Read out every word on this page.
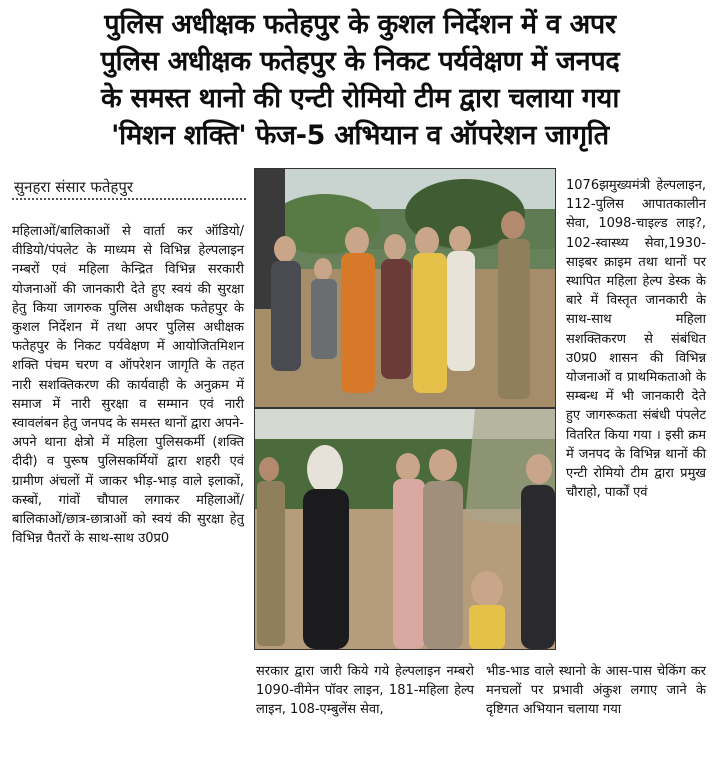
पुलिस अधीक्षक फतेहपुर के कुशल निर्देशन में व अपर
पुलिस अधीक्षक फतेहपुर के निकट पर्यवेक्षण में जनपद
के समस्त थानो की एन्टी रोमियो टीम द्वारा चलाया गया
'मिशन शक्ति' फेज-5 अभियान व ऑपरेशन जागृति
सुनहरा संसार फतेहपुर
महिलाओं/बालिकाओं से वार्ता कर ऑडियो/वीडियो/पंपलेट के माध्यम से विभिन्न हेल्पलाइन नम्बरों एवं महिला केन्द्रित विभिन्न सरकारी योजनाओं की जानकारी देते हुए स्वयं की सुरक्षा हेतु किया जागरुक पुलिस अधीक्षक फतेहपुर के कुशल निर्देशन में तथा अपर पुलिस अधीक्षक फतेहपुर के निकट पर्यवेक्षण में आयोजितमिशन शक्ति पंचम चरण व ऑपरेशन जागृति के तहत नारी सशक्तिकरण की कार्यवाही के अनुक्रम में समाज में नारी सुरक्षा व सम्मान एवं नारी स्वावलंबन हेतु जनपद के समस्त थानों द्वारा अपने-अपने थाना क्षेत्रो में महिला पुलिसकर्मी (शक्ति दीदी) व पुरूष पुलिसकर्मियों द्वारा शहरी एवं ग्रामीण अंचलों में जाकर भीड़-भाड़ वाले इलाकों, कस्बों, गांवों चौपाल लगाकर महिलाओं/बालिकाओं/छात्र-छात्राओं को स्वयं की सुरक्षा हेतु विभिन्न पैतरों के साथ-साथ उ0प्र0
1076झमुख्यमंत्री हेल्पलाइन, 112-पुलिस आपातकालीन सेवा, 1098-चाइल्ड लाइ?, 102-स्वास्थ्य सेवा,1930- साइबर क्राइम तथा थानों पर स्थापित महिला हेल्प डेस्क के बारे में विस्तृत जानकारी के साथ-साथ महिला सशक्तिकरण से संबंधित उ0प्र0 शासन की विभिन्न योजनाओं व प्राथमिकताओ के सम्बन्ध में भी जानकारी देते हुए जागरूकता संबंधी पंपलेट वितरित किया गया । इसी क्रम में जनपद के विभिन्न थानों की एन्टी रोमियो टीम द्वारा प्रमुख चौराहो, पार्कों एवं
सरकार द्वारा जारी किये गये हेल्पलाइन नम्बरो 1090-वीमेन पॉवर लाइन, 181-महिला हेल्प लाइन, 108-एम्बुलेंस सेवा,
भीड-भाड वाले स्थानो के आस-पास चेकिंग कर मनचलों पर प्रभावी अंकुश लगाए जाने के दृष्टिगत अभियान चलाया गया
